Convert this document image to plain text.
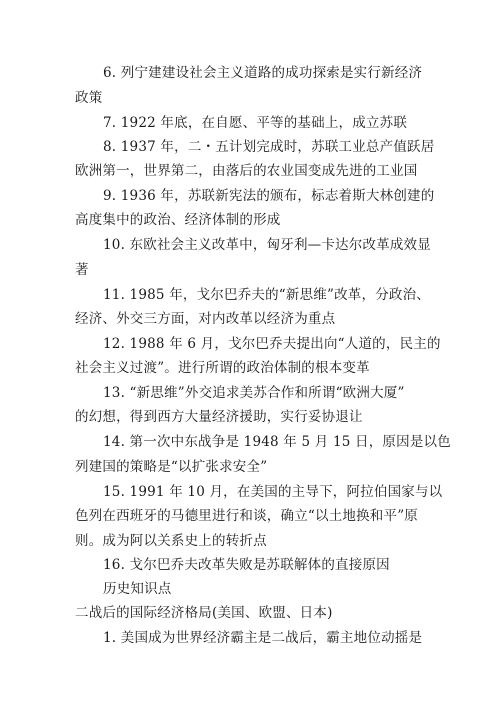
6. 列宁建建设社会主义道路的成功探索是实行新经济
政策
7. 1922 年底，在自愿、平等的基础上，成立苏联
8. 1937 年，二・五计划完成时，苏联工业总产值跃居
欧洲第一，世界第二，由落后的农业国变成先进的工业国
9. 1936 年，苏联新宪法的颁布，标志着斯大林创建的
高度集中的政治、经济体制的形成
10. 东欧社会主义改革中，匈牙利—卡达尔改革成效显
著
11. 1985 年，戈尔巴乔夫的“新思维”改革，分政治、
经济、外交三方面，对内改革以经济为重点
12. 1988 年 6 月，戈尔巴乔夫提出向“人道的，民主的
社会主义过渡”。进行所谓的政治体制的根本变革
13. “新思维”外交追求美苏合作和所谓“欧洲大厦”
的幻想，得到西方大量经济援助，实行妥协退让
14. 第一次中东战争是 1948 年 5 月 15 日，原因是以色
列建国的策略是“以扩张求安全”
15. 1991 年 10 月，在美国的主导下，阿拉伯国家与以
色列在西班牙的马德里进行和谈，确立“以土地换和平”原
则。成为阿以关系史上的转折点
16. 戈尔巴乔夫改革失败是苏联解体的直接原因
历史知识点
二战后的国际经济格局(美国、欧盟、日本)
1. 美国成为世界经济霸主是二战后，霸主地位动摇是
